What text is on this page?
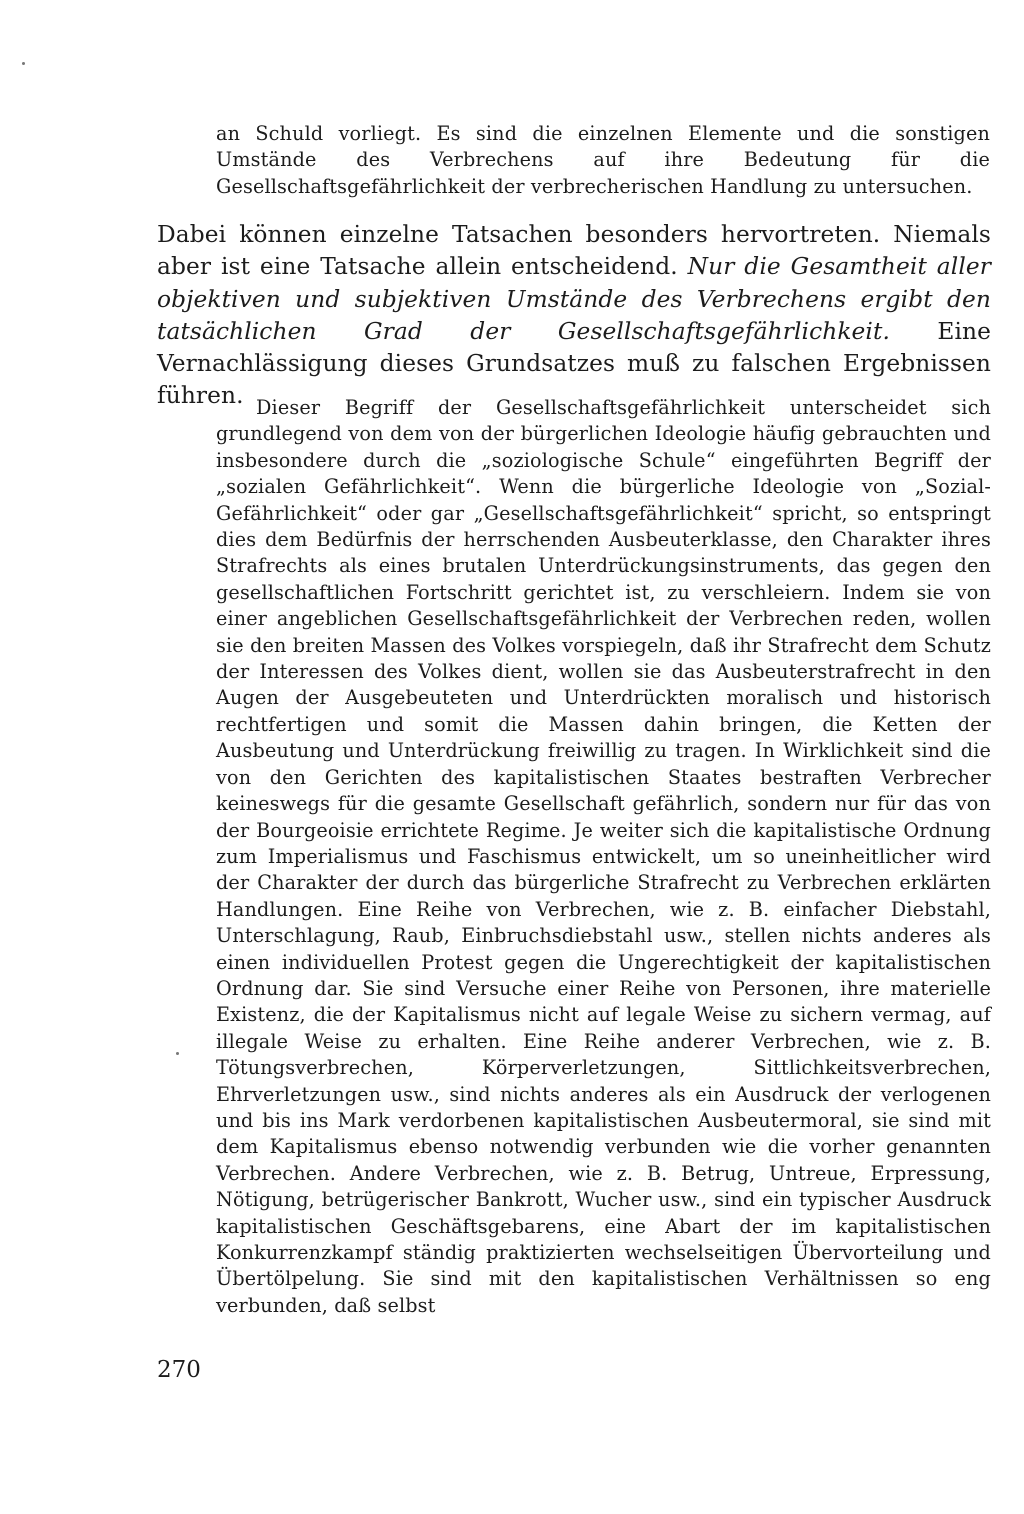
an Schuld vorliegt. Es sind die einzelnen Elemente und die sonstigen Umstände des Verbrechens auf ihre Bedeutung für die Gesellschaftsgefährlichkeit der verbrecherischen Handlung zu untersuchen.

Dabei können einzelne Tatsachen besonders hervortreten. Niemals aber ist eine Tatsache allein entscheidend. Nur die Gesamtheit aller objektiven und subjektiven Umstände des Verbrechens ergibt den tatsächlichen Grad der Gesellschaftsgefährlichkeit. Eine Vernachlässigung dieses Grundsatzes muß zu falschen Ergebnissen führen. Dieser Begriff der Gesellschaftsgefährlichkeit unterscheidet sich grundlegend von dem von der bürgerlichen Ideologie häufig gebrauchten und insbesondere durch die „soziologische Schule“ eingeführten Begriff der „sozialen Gefährlichkeit“. Wenn die bürgerliche Ideologie von „Sozial-Gefährlichkeit“ oder gar „Gesellschaftsgefährlichkeit“ spricht, so entspringt dies dem Bedürfnis der herrschenden Ausbeuterklasse, den Charakter ihres Strafrechts als eines brutalen Unterdrückungsinstruments, das gegen den gesellschaftlichen Fortschritt gerichtet ist, zu verschleiern. Indem sie von einer angeblichen Gesellschaftsgefährlichkeit der Verbrechen reden, wollen sie den breiten Massen des Volkes vorspiegeln, daß ihr Strafrecht dem Schutz der Interessen des Volkes dient, wollen sie das Ausbeuterstrafrecht in den Augen der Ausgebeuteten und Unterdrückten moralisch und historisch rechtfertigen und somit die Massen dahin bringen, die Ketten der Ausbeutung und Unterdrückung freiwillig zu tragen. In Wirklichkeit sind die von den Gerichten des kapitalistischen Staates bestraften Verbrecher keineswegs für die gesamte Gesellschaft gefährlich, sondern nur für das von der Bourgeoisie errichtete Regime. Je weiter sich die kapitalistische Ordnung zum Imperialismus und Faschismus entwickelt, um so uneinheitlicher wird der Charakter der durch das bürgerliche Strafrecht zu Verbrechen erklärten Handlungen. Eine Reihe von Verbrechen, wie z. B. einfacher Diebstahl, Unterschlagung, Raub, Einbruchsdiebstahl usw., stellen nichts anderes als einen individuellen Protest gegen die Ungerechtigkeit der kapitalistischen Ordnung dar. Sie sind Versuche einer Reihe von Personen, ihre materielle Existenz, die der Kapitalismus nicht auf legale Weise zu sichern vermag, auf illegale Weise zu erhalten. Eine Reihe anderer Verbrechen, wie z. B. Tötungsverbrechen, Körperverletzungen, Sittlichkeitsverbrechen, Ehrverletzungen usw., sind nichts anderes als ein Ausdruck der verlogenen und bis ins Mark verdorbenen kapitalistischen Ausbeutermoral, sie sind mit dem Kapitalismus ebenso notwendig verbunden wie die vorher genannten Verbrechen. Andere Verbrechen, wie z. B. Betrug, Untreue, Erpressung, Nötigung, betrügerischer Bankrott, Wucher usw., sind ein typischer Ausdruck kapitalistischen Geschäftsgebarens, eine Abart der im kapitalistischen Konkurrenzkampf ständig praktizierten wechselseitigen Übervorteilung und Übertölpelung. Sie sind mit den kapitalistischen Verhältnissen so eng verbunden, daß selbst

270
